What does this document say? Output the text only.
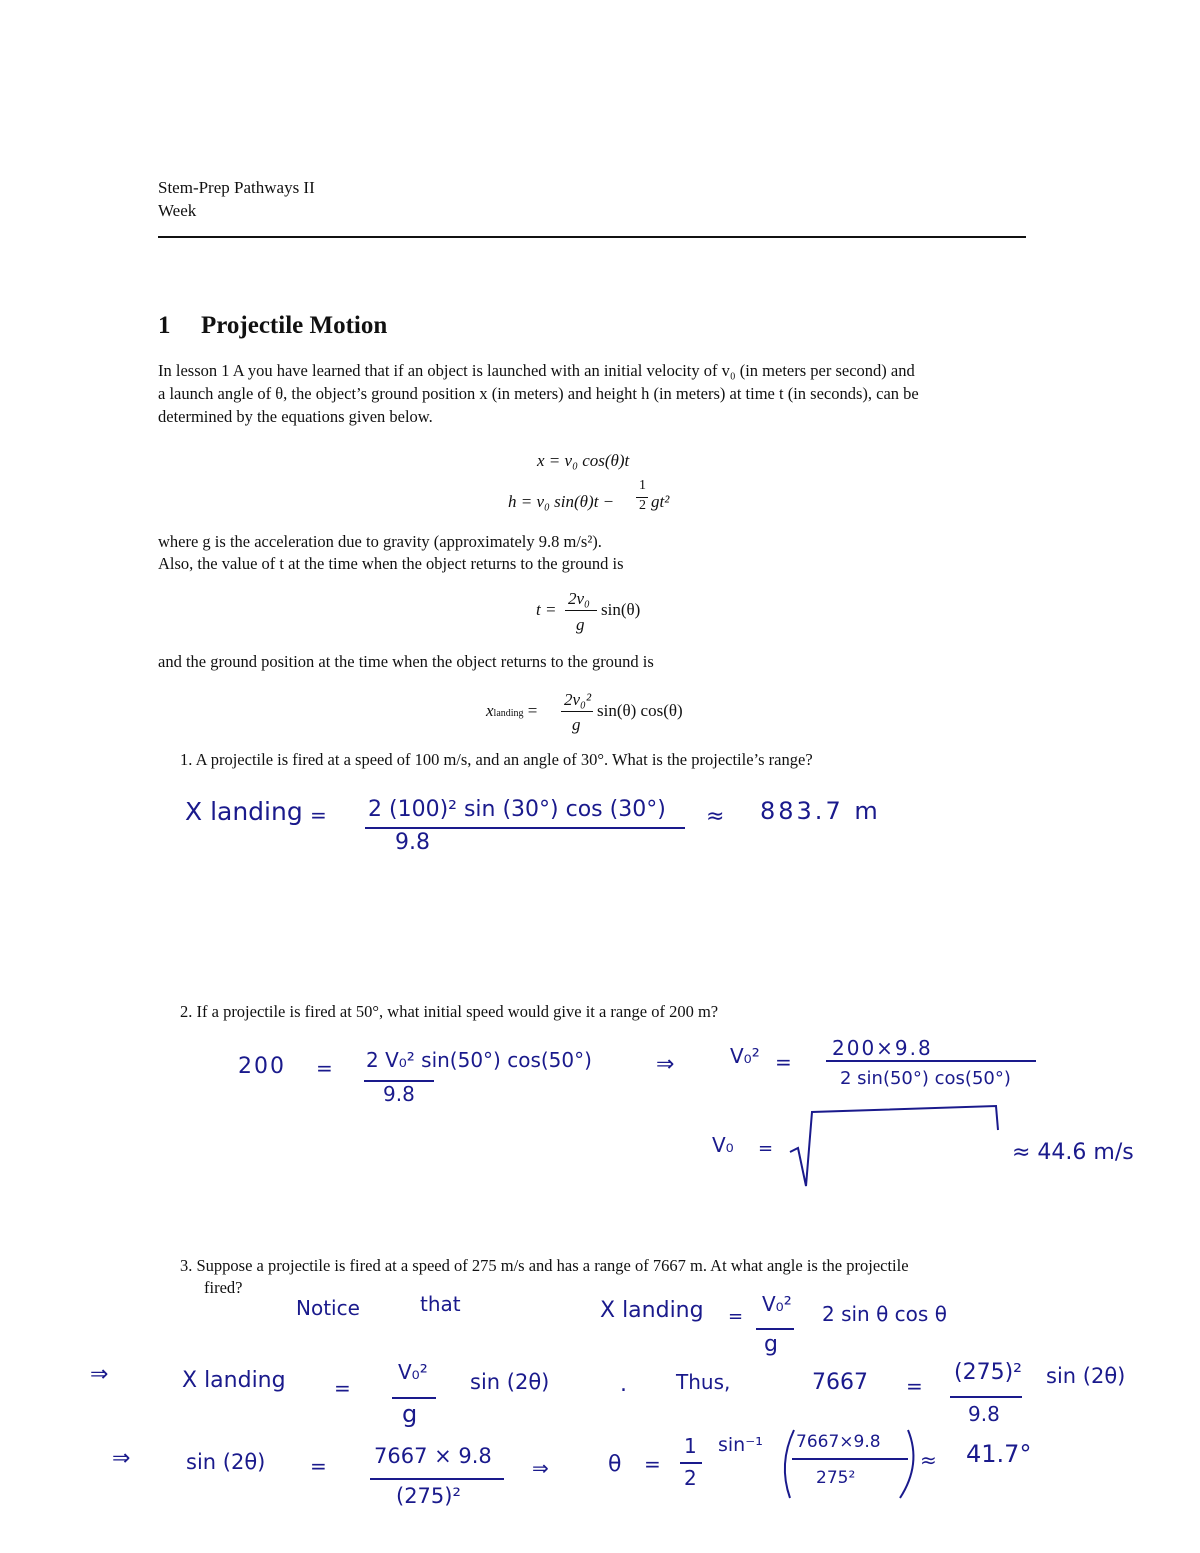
Stem-Prep Pathways II
Week
1 Projectile Motion
In lesson 1 A you have learned that if an object is launched with an initial velocity of v₀ (in meters per second) and
a launch angle of θ, the object’s ground position x (in meters) and height h (in meters) at time t (in seconds), can be
determined by the equations given below.
x = v₀ cos(θ)t
h = v₀ sin(θ)t −
1
2 gt²
where g is the acceleration due to gravity (approximately 9.8 m/s²).
Also, the value of t at the time when the object returns to the ground is
t =
2v₀
g
sin(θ)
and the ground position at the time when the object returns to the ground is
xlanding =
2v₀²
g
sin(θ) cos(θ)
1. A projectile is fired at a speed of 100 m/s, and an angle of 30°. What is the projectile’s range?
X landing = 2 (100)² sin (30°) cos (30°)
9.8
≈ 883.7 m
2. If a projectile is fired at 50°, what initial speed would give it a range of 200 m?
200 = 2 V₀² sin(50°) cos(50°)
9.8
⇒	V₀² =
200×9.8
2 sin(50°) cos(50°)
V₀ =	≈ 44.6 m/s
3. Suppose a projectile is fired at a speed of 275 m/s and has a range of 7667 m. At what angle is the projectile
fired?
Notice	that	X landing =
V₀²
g
2 sin θ cos θ
⇒	X landing =
V₀²
g
sin (2θ)	. Thus,	7667 =
(275)²
9.8
sin (2θ)
⇒	sin (2θ) = 7667 × 9.8
(275)²
⇒	θ =
1
2
sin⁻¹ 7667×9.8
275²
≈ 41.7°
